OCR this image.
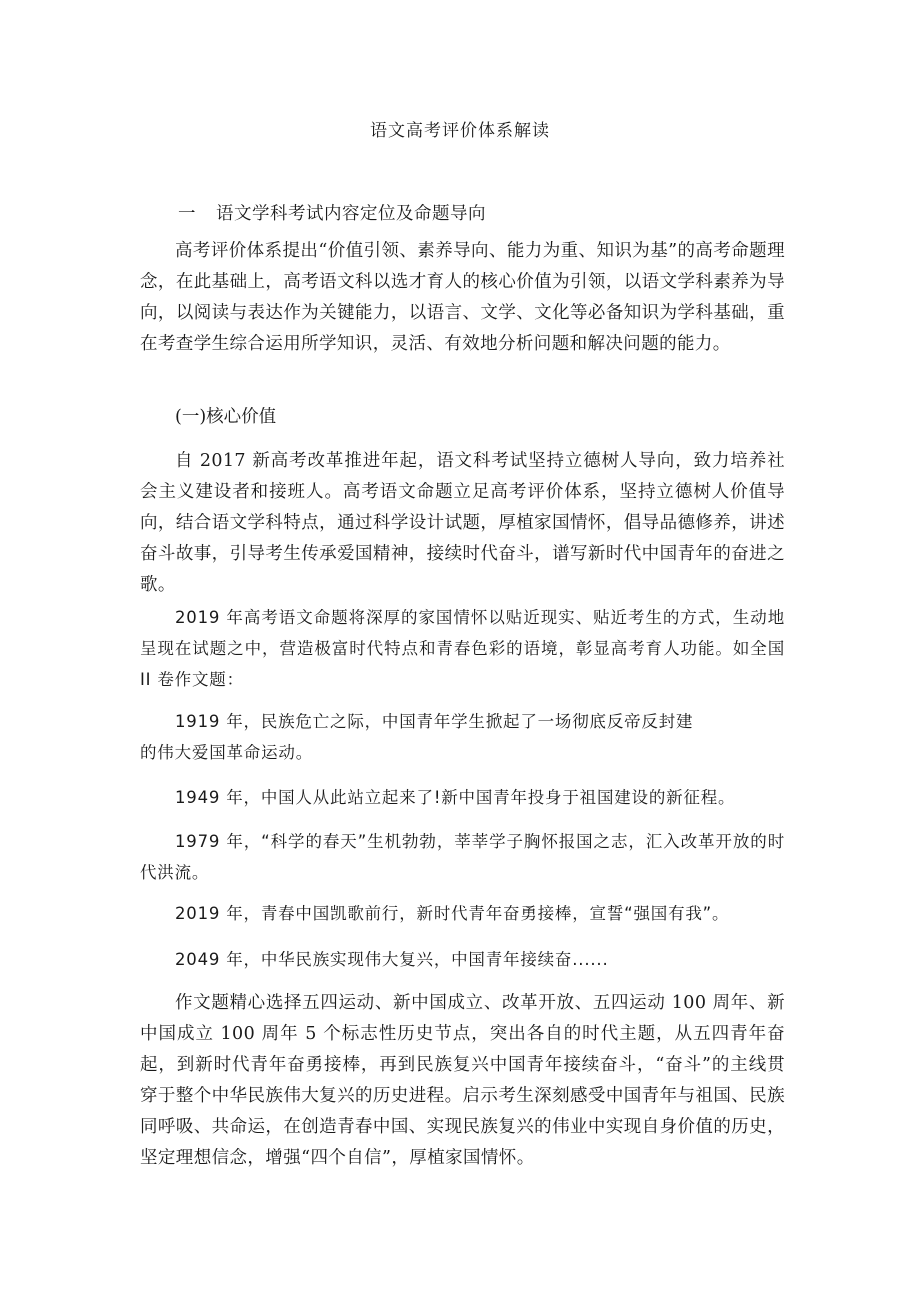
语文高考评价体系解读
一 语文学科考试内容定位及命题导向
高考评价体系提出“价值引领、素养导向、能力为重、知识为基”的高考命题理念，在此基础上，高考语文科以选才育人的核心价值为引领，以语文学科素养为导向，以阅读与表达作为关键能力，以语言、文学、文化等必备知识为学科基础，重在考查学生综合运用所学知识，灵活、有效地分析问题和解决问题的能力。
(一)核心价值
自 2017 新高考改革推进年起，语文科考试坚持立德树人导向，致力培养社会主义建设者和接班人。高考语文命题立足高考评价体系，坚持立德树人价值导向，结合语文学科特点，通过科学设计试题，厚植家国情怀，倡导品德修养，讲述奋斗故事，引导考生传承爱国精神，接续时代奋斗，谱写新时代中国青年的奋进之歌。
2019 年高考语文命题将深厚的家国情怀以贴近现实、贴近考生的方式，生动地呈现在试题之中，营造极富时代特点和青春色彩的语境，彰显高考育人功能。如全国 II 卷作文题：
1919 年，民族危亡之际，中国青年学生掀起了一场彻底反帝反封建
的伟大爱国革命运动。
1949 年，中国人从此站立起来了!新中国青年投身于祖国建设的新征程。
1979 年，“科学的春天”生机勃勃，莘莘学子胸怀报国之志，汇入改革开放的时代洪流。
2019 年，青春中国凯歌前行，新时代青年奋勇接棒，宣誓“强国有我”。
2049 年，中华民族实现伟大复兴，中国青年接续奋......
作文题精心选择五四运动、新中国成立、改革开放、五四运动 100 周年、新中国成立 100 周年 5 个标志性历史节点，突出各自的时代主题，从五四青年奋起，到新时代青年奋勇接棒，再到民族复兴中国青年接续奋斗，“奋斗”的主线贯穿于整个中华民族伟大复兴的历史进程。启示考生深刻感受中国青年与祖国、民族同呼吸、共命运，在创造青春中国、实现民族复兴的伟业中实现自身价值的历史，坚定理想信念，增强“四个自信”，厚植家国情怀。
